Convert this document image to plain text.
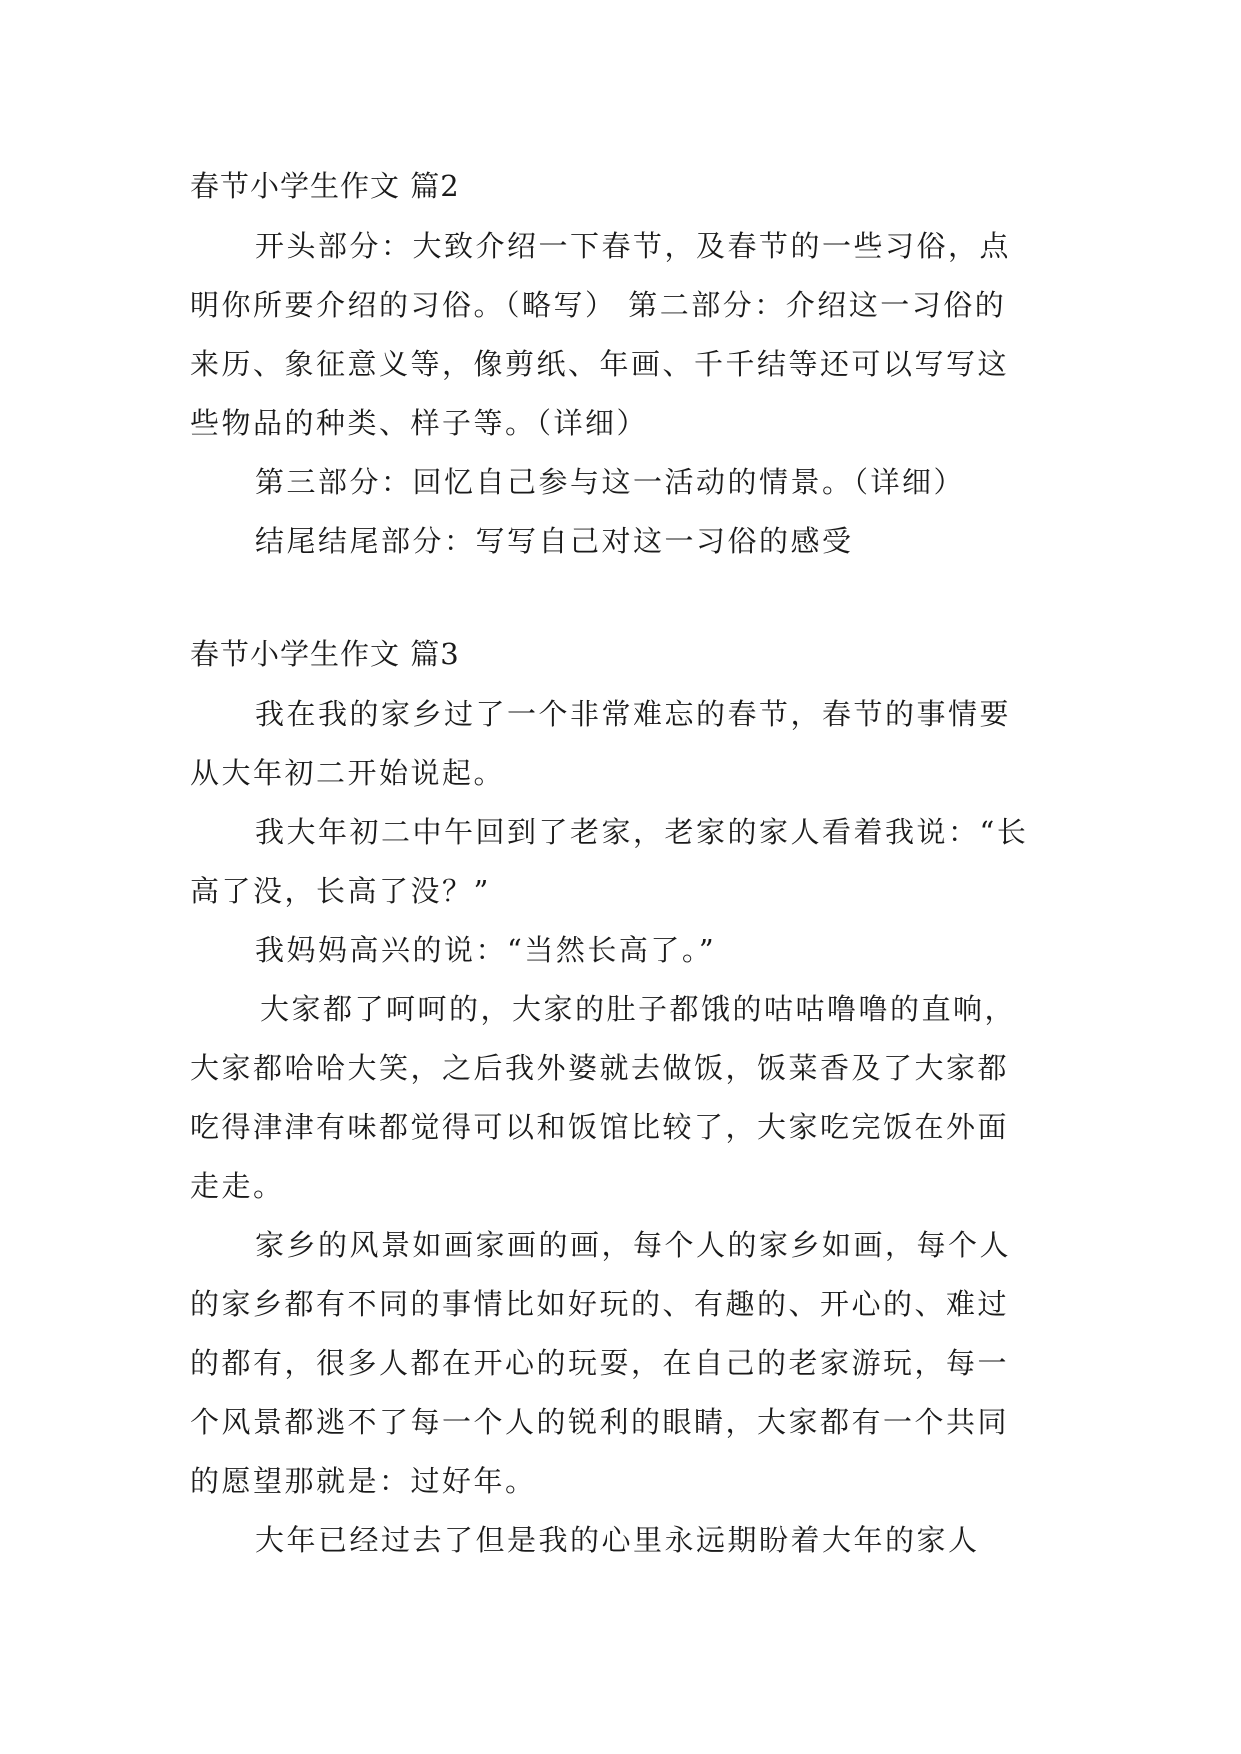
春节小学生作文 篇2
开头部分：大致介绍一下春节，及春节的一些习俗，点
明你所要介绍的习俗。（略写） 第二部分：介绍这一习俗的
来历、象征意义等，像剪纸、年画、千千结等还可以写写这
些物品的种类、样子等。（详细）
第三部分：回忆自己参与这一活动的情景。（详细）
结尾结尾部分：写写自己对这一习俗的感受
春节小学生作文 篇3
我在我的家乡过了一个非常难忘的春节，春节的事情要
从大年初二开始说起。
我大年初二中午回到了老家，老家的家人看着我说：“长
高了没，长高了没？”
我妈妈高兴的说：“当然长高了。”
大家都了呵呵的，大家的肚子都饿的咕咕噜噜的直响，
大家都哈哈大笑，之后我外婆就去做饭，饭菜香及了大家都
吃得津津有味都觉得可以和饭馆比较了，大家吃完饭在外面
走走。
家乡的风景如画家画的画，每个人的家乡如画，每个人
的家乡都有不同的事情比如好玩的、有趣的、开心的、难过
的都有，很多人都在开心的玩耍，在自己的老家游玩，每一
个风景都逃不了每一个人的锐利的眼睛，大家都有一个共同
的愿望那就是：过好年。
大年已经过去了但是我的心里永远期盼着大年的家人
